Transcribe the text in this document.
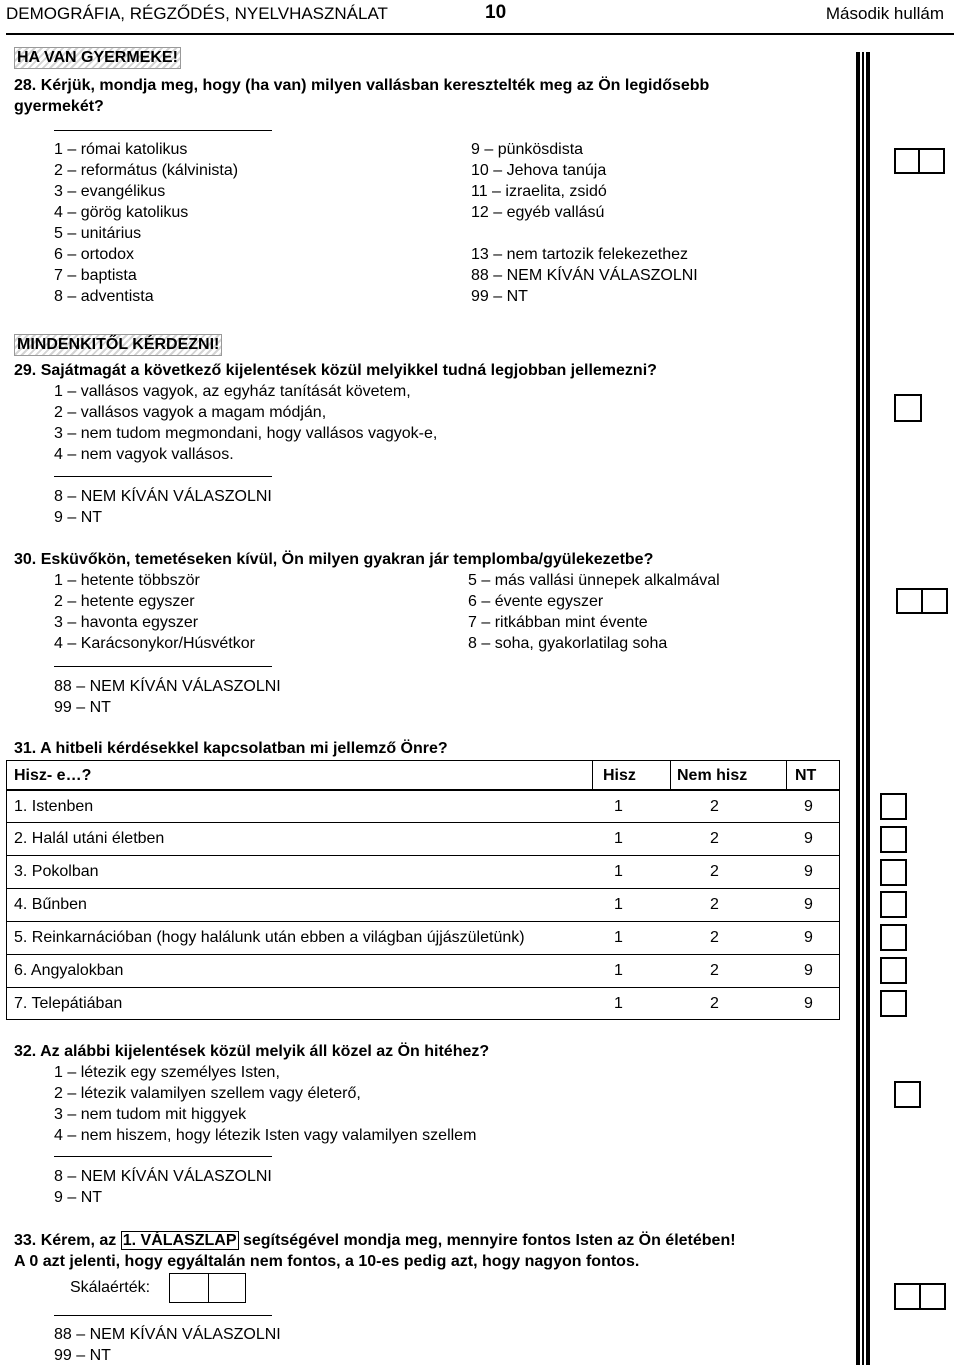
DEMOGRÁFIA, RÉGZŐDÉS, NYELVHASZNÁLAT	10	Második hullám
HA VAN GYERMEKE!
28. Kérjük, mondja meg, hogy (ha van) milyen vallásban keresztelték meg az Ön legidősebb
gyermekét?
1 – római katolikus
2 – református (kálvinista)
3 – evangélikus
4 – görög katolikus
5 – unitárius
6 – ortodox
7 – baptista
8 – adventista
9 – pünkösdista
10 – Jehova tanúja
11 – izraelita, zsidó
12 – egyéb vallású
13 – nem tartozik felekezethez
88 – NEM KÍVÁN VÁLASZOLNI
99 – NT
MINDENKITŐL KÉRDEZNI!
29. Sajátmagát a következő kijelentések közül melyikkel tudná legjobban jellemezni?
1 – vallásos vagyok, az egyház tanítását követem,
2 – vallásos vagyok a magam módján,
3 – nem tudom megmondani, hogy vallásos vagyok-e,
4 – nem vagyok vallásos.
8 – NEM KÍVÁN VÁLASZOLNI
9 – NT
30. Esküvőkön, temetéseken kívül, Ön milyen gyakran jár templomba/gyülekezetbe?
1 – hetente többször
2 – hetente egyszer
3 – havonta egyszer
4 – Karácsonykor/Húsvétkor
5 – más vallási ünnepek alkalmával
6 – évente egyszer
7 – ritkábban mint évente
8 – soha, gyakorlatilag soha
88 – NEM KÍVÁN VÁLASZOLNI
99 – NT
31. A hitbeli kérdésekkel kapcsolatban mi jellemző Önre?
Hisz- e…?	Hisz	Nem hisz	NT
1. Istenben	1	2	9
2. Halál utáni életben	1	2	9
3. Pokolban	1	2	9
4. Bűnben	1	2	9
5. Reinkarnációban (hogy halálunk után ebben a világban újjászületünk)	1	2	9
6. Angyalokban	1	2	9
7. Telepátiában	1	2	9
32. Az alábbi kijelentések közül melyik áll közel az Ön hitéhez?
1 – létezik egy személyes Isten,
2 – létezik valamilyen szellem vagy életerő,
3 – nem tudom mit higgyek
4 – nem hiszem, hogy létezik Isten vagy valamilyen szellem
8 – NEM KÍVÁN VÁLASZOLNI
9 – NT
33. Kérem, az 1. VÁLASZLAP segítségével mondja meg, mennyire fontos Isten az Ön életében!
A 0 azt jelenti, hogy egyáltalán nem fontos, a 10-es pedig azt, hogy nagyon fontos.
Skálaérték:
88 – NEM KÍVÁN VÁLASZOLNI
99 – NT
